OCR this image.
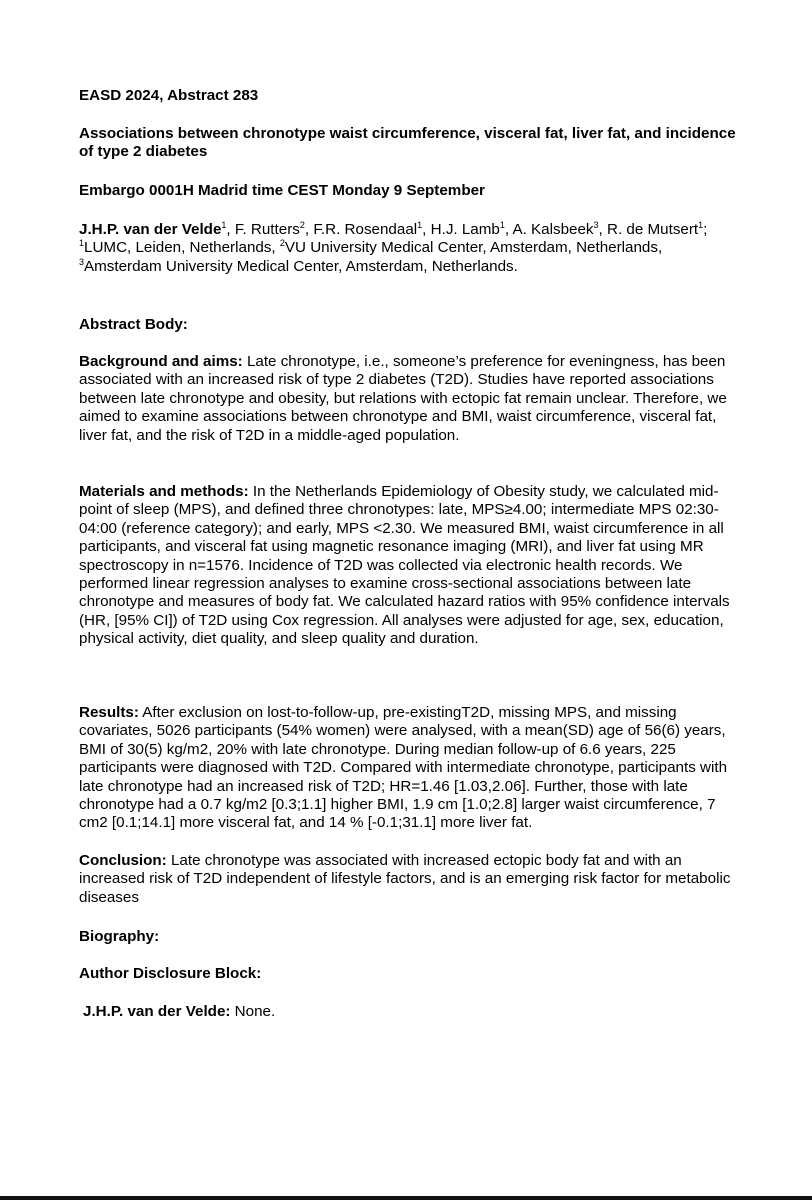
EASD 2024, Abstract 283

Associations between chronotype waist circumference, visceral fat, liver fat, and incidence of type 2 diabetes

Embargo 0001H Madrid time CEST Monday 9 September

J.H.P. van der Velde$^1$, F. Rutters$^2$, F.R. Rosendaal$^1$, H.J. Lamb$^1$, A. Kalsbeek$^3$, R. de Mutsert$^1$;
$^1$LUMC, Leiden, Netherlands, $^2$VU University Medical Center, Amsterdam, Netherlands, $^3$Amsterdam University Medical Center, Amsterdam, Netherlands.

Abstract Body:

Background and aims: Late chronotype, i.e., someone’s preference for eveningness, has been associated with an increased risk of type 2 diabetes (T2D). Studies have reported associations between late chronotype and obesity, but relations with ectopic fat remain unclear. Therefore, we aimed to examine associations between chronotype and BMI, waist circumference, visceral fat, liver fat, and the risk of T2D in a middle-aged population.

Materials and methods: In the Netherlands Epidemiology of Obesity study, we calculated mid-point of sleep (MPS), and defined three chronotypes: late, MPS≥4.00; intermediate MPS 02:30-04:00 (reference category); and early, MPS <2.30. We measured BMI, waist circumference in all participants, and visceral fat using magnetic resonance imaging (MRI), and liver fat using MR spectroscopy in n=1576. Incidence of T2D was collected via electronic health records. We performed linear regression analyses to examine cross-sectional associations between late chronotype and measures of body fat. We calculated hazard ratios with 95% confidence intervals (HR, [95% CI]) of T2D using Cox regression. All analyses were adjusted for age, sex, education, physical activity, diet quality, and sleep quality and duration.

Results: After exclusion on lost-to-follow-up, pre-existingT2D, missing MPS, and missing covariates, 5026 participants (54% women) were analysed, with a mean(SD) age of 56(6) years, BMI of 30(5) kg/m2, 20% with late chronotype. During median follow-up of 6.6 years, 225 participants were diagnosed with T2D. Compared with intermediate chronotype, participants with late chronotype had an increased risk of T2D; HR=1.46 [1.03,2.06]. Further, those with late chronotype had a 0.7 kg/m2 [0.3;1.1] higher BMI, 1.9 cm [1.0;2.8] larger waist circumference, 7 cm2 [0.1;14.1] more visceral fat, and 14 % [-0.1;31.1] more liver fat.

Conclusion: Late chronotype was associated with increased ectopic body fat and with an increased risk of T2D independent of lifestyle factors, and is an emerging risk factor for metabolic diseases

Biography:

Author Disclosure Block:

J.H.P. van der Velde: None.
